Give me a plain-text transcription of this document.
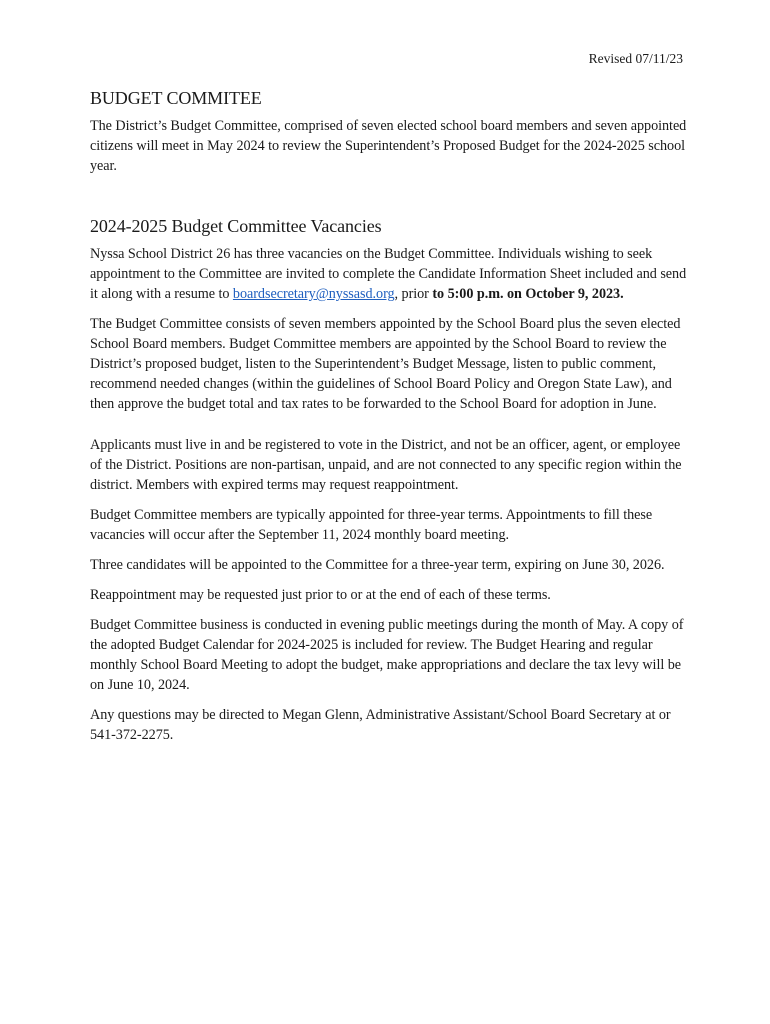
Revised 07/11/23
BUDGET COMMITEE

The District’s Budget Committee, comprised of seven elected school board members and seven appointed citizens will meet in May 2024 to review the Superintendent’s Proposed Budget for the 2024-2025 school year.

2024-2025 Budget Committee Vacancies

Nyssa School District 26 has three vacancies on the Budget Committee. Individuals wishing to seek appointment to the Committee are invited to complete the Candidate Information Sheet included and send it along with a resume to boardsecretary@nyssasd.org, prior to 5:00 p.m. on October 9, 2023.

The Budget Committee consists of seven members appointed by the School Board plus the seven elected School Board members. Budget Committee members are appointed by the School Board to review the District’s proposed budget, listen to the Superintendent’s Budget Message, listen to public comment, recommend needed changes (within the guidelines of School Board Policy and Oregon State Law), and then approve the budget total and tax rates to be forwarded to the School Board for adoption in June.

Applicants must live in and be registered to vote in the District, and not be an officer, agent, or employee of the District. Positions are non-partisan, unpaid, and are not connected to any specific region within the district. Members with expired terms may request reappointment.

Budget Committee members are typically appointed for three-year terms. Appointments to fill these vacancies will occur after the September 11, 2024 monthly board meeting.

Three candidates will be appointed to the Committee for a three-year term, expiring on June 30, 2026.

Reappointment may be requested just prior to or at the end of each of these terms.

Budget Committee business is conducted in evening public meetings during the month of May. A copy of the adopted Budget Calendar for 2024-2025 is included for review. The Budget Hearing and regular monthly School Board Meeting to adopt the budget, make appropriations and declare the tax levy will be on June 10, 2024.

Any questions may be directed to Megan Glenn, Administrative Assistant/School Board Secretary at or 541-372-2275.
